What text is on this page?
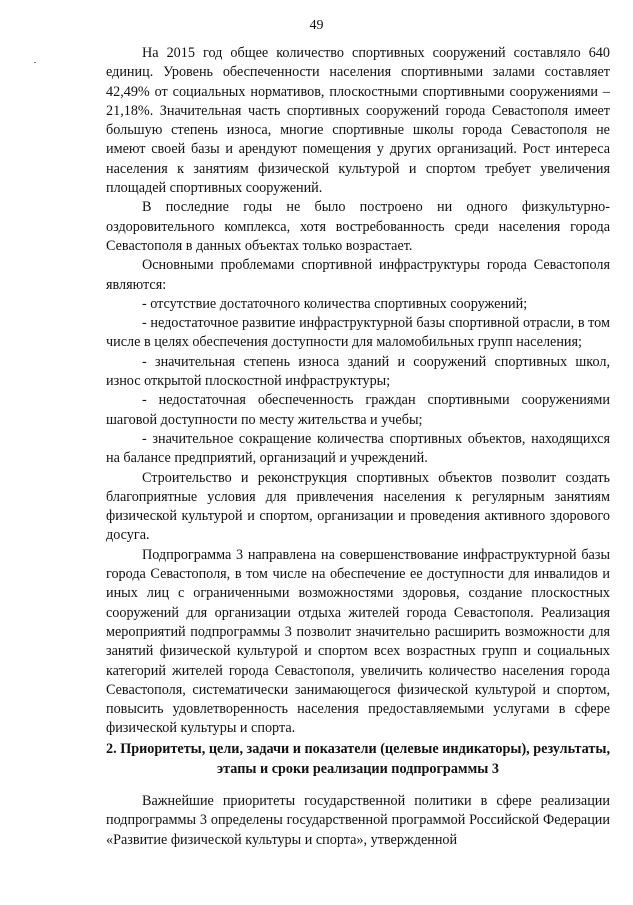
49

На 2015 год общее количество спортивных сооружений составляло 640 единиц. Уровень обеспеченности населения спортивными залами составляет 42,49% от социальных нормативов, плоскостными спортивными сооружениями – 21,18%. Значительная часть спортивных сооружений города Севастополя имеет большую степень износа, многие спортивные школы города Севастополя не имеют своей базы и арендуют помещения у других организаций. Рост интереса населения к занятиям физической культурой и спортом требует увеличения площадей спортивных сооружений.

В последние годы не было построено ни одного физкультурно-оздоровительного комплекса, хотя востребованность среди населения города Севастополя в данных объектах только возрастает.

Основными проблемами спортивной инфраструктуры города Севастополя являются:

- отсутствие достаточного количества спортивных сооружений;

- недостаточное развитие инфраструктурной базы спортивной отрасли, в том числе в целях обеспечения доступности для маломобильных групп населения;

- значительная степень износа зданий и сооружений спортивных школ, износ открытой плоскостной инфраструктуры;

- недостаточная обеспеченность граждан спортивными сооружениями шаговой доступности по месту жительства и учебы;

- значительное сокращение количества спортивных объектов, находящихся на балансе предприятий, организаций и учреждений.

Строительство и реконструкция спортивных объектов позволит создать благоприятные условия для привлечения населения к регулярным занятиям физической культурой и спортом, организации и проведения активного здорового досуга.

Подпрограмма 3 направлена на совершенствование инфраструктурной базы города Севастополя, в том числе на обеспечение ее доступности для инвалидов и иных лиц с ограниченными возможностями здоровья, создание плоскостных сооружений для организации отдыха жителей города Севастополя. Реализация мероприятий подпрограммы 3 позволит значительно расширить возможности для занятий физической культурой и спортом всех возрастных групп и социальных категорий жителей города Севастополя, увеличить количество населения города Севастополя, систематически занимающегося физической культурой и спортом, повысить удовлетворенность населения предоставляемыми услугами в сфере физической культуры и спорта.

2. Приоритеты, цели, задачи и показатели (целевые индикаторы), результаты, этапы и сроки реализации подпрограммы 3

Важнейшие приоритеты государственной политики в сфере реализации подпрограммы 3 определены государственной программой Российской Федерации «Развитие физической культуры и спорта», утвержденной
